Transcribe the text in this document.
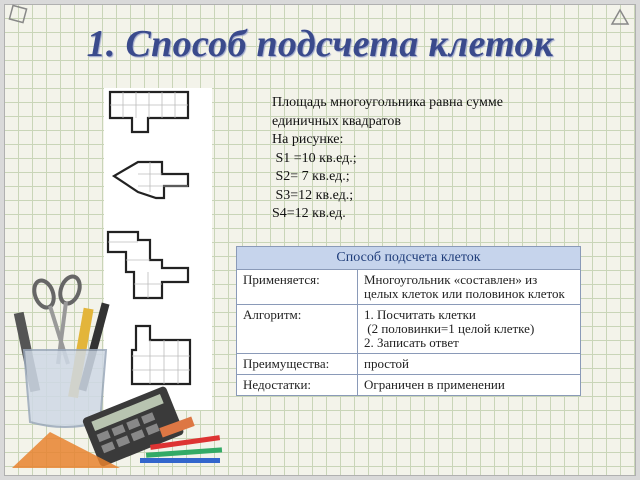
1. Способ подсчета клеток
Площадь многоугольника равна сумме
единичных квадратов
На рисунке:
S1 =10 кв.ед.;
S2= 7 кв.ед.;
S3=12 кв.ед.;
S4=12 кв.ед.
Способ подсчета клеток	
Применяется:	Многоугольник «составлен» из целых клеток или половинок клеток
Алгоритм:	1. Посчитать клетки
(2 половинки=1 целой клетке)
2. Записать ответ

Преимущества:	простой
Недостатки:	Ограничен в применении
